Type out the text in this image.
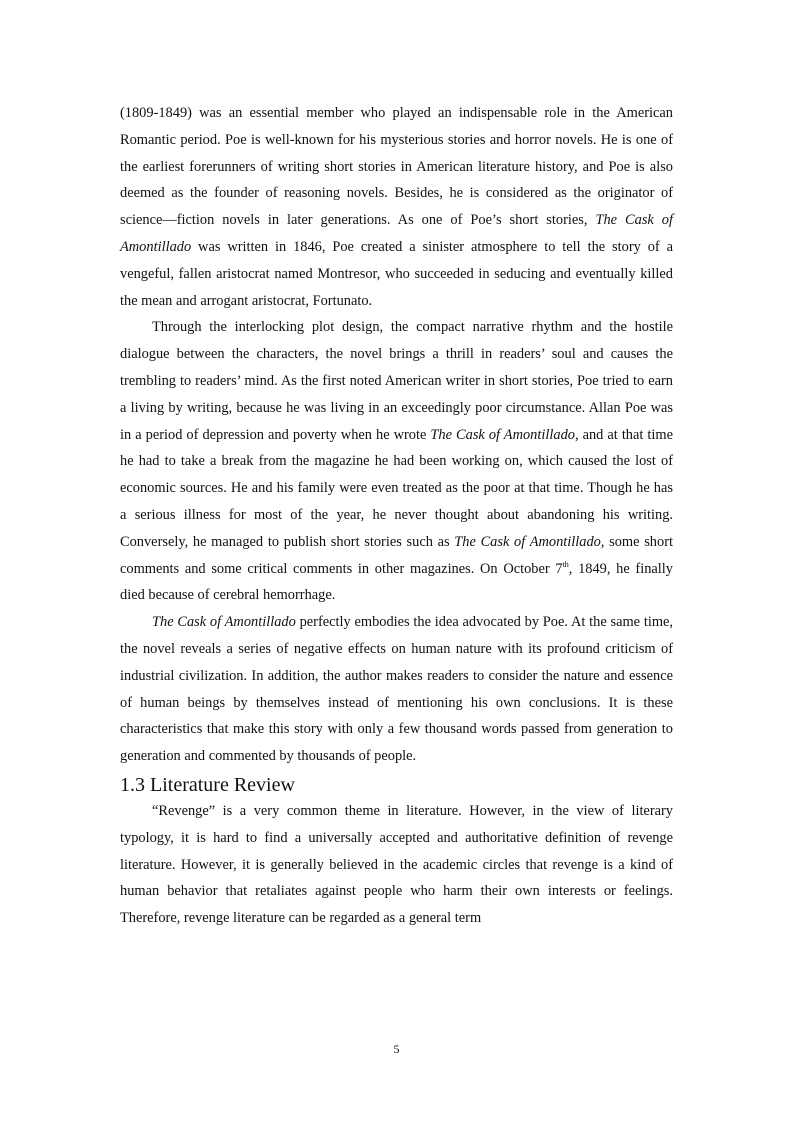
(1809-1849) was an essential member who played an indispensable role in the American Romantic period. Poe is well-known for his mysterious stories and horror novels. He is one of the earliest forerunners of writing short stories in American literature history, and Poe is also deemed as the founder of reasoning novels. Besides, he is considered as the originator of science—fiction novels in later generations. As one of Poe’s short stories, The Cask of Amontillado was written in 1846, Poe created a sinister atmosphere to tell the story of a vengeful, fallen aristocrat named Montresor, who succeeded in seducing and eventually killed the mean and arrogant aristocrat, Fortunato.

Through the interlocking plot design, the compact narrative rhythm and the hostile dialogue between the characters, the novel brings a thrill in readers’ soul and causes the trembling to readers’ mind. As the first noted American writer in short stories, Poe tried to earn a living by writing, because he was living in an exceedingly poor circumstance. Allan Poe was in a period of depression and poverty when he wrote The Cask of Amontillado, and at that time he had to take a break from the magazine he had been working on, which caused the lost of economic sources. He and his family were even treated as the poor at that time. Though he has a serious illness for most of the year, he never thought about abandoning his writing. Conversely, he managed to publish short stories such as The Cask of Amontillado, some short comments and some critical comments in other magazines. On October 7th, 1849, he finally died because of cerebral hemorrhage.

The Cask of Amontillado perfectly embodies the idea advocated by Poe. At the same time, the novel reveals a series of negative effects on human nature with its profound criticism of industrial civilization. In addition, the author makes readers to consider the nature and essence of human beings by themselves instead of mentioning his own conclusions. It is these characteristics that make this story with only a few thousand words passed from generation to generation and commented by thousands of people.

1.3 Literature Review

“Revenge” is a very common theme in literature. However, in the view of literary typology, it is hard to find a universally accepted and authoritative definition of revenge literature. However, it is generally believed in the academic circles that revenge is a kind of human behavior that retaliates against people who harm their own interests or feelings. Therefore, revenge literature can be regarded as a general term

5
